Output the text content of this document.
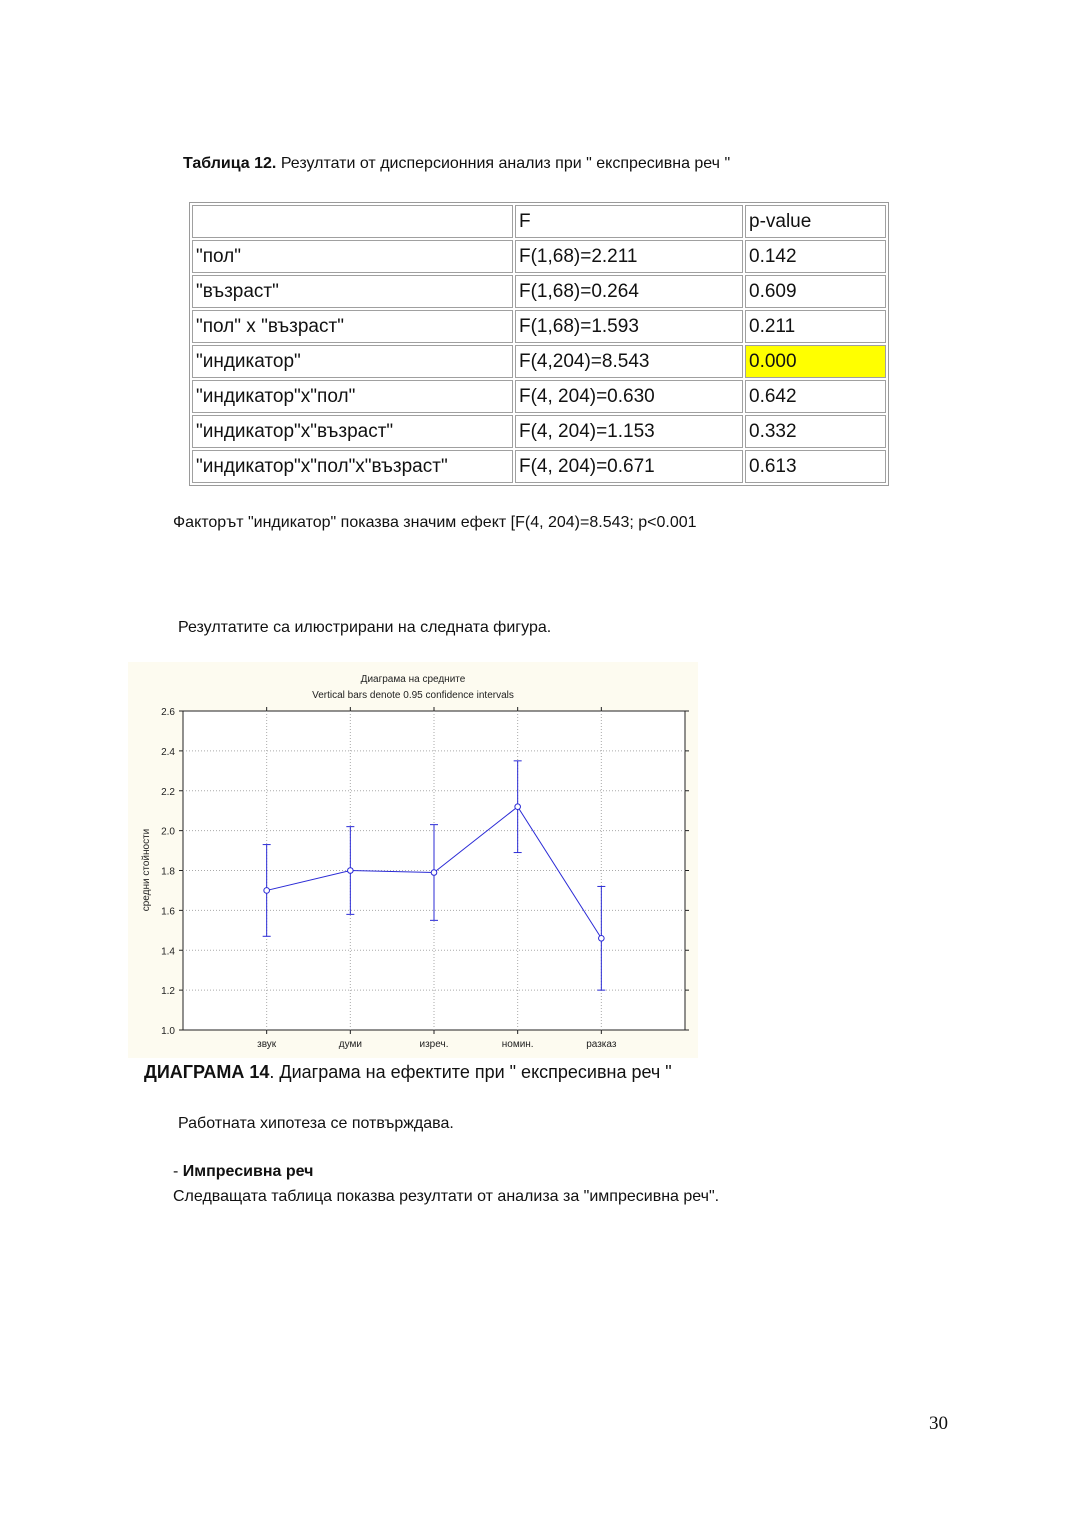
Таблица 12. Резултати от дисперсионния анализ при " експресивна реч "
	F	p-value
"пол"	F(1,68)=2.211	0.142
"възраст"	F(1,68)=0.264	0.609
"пол" х "възраст"	F(1,68)=1.593	0.211
"индикатор"	F(4,204)=8.543	0.000
"индикатор"x"пол"	F(4, 204)=0.630	0.642
"индикатор"x"възраст"	F(4, 204)=1.153	0.332
"индикатор"x"пол"x"възраст"	F(4, 204)=0.671	0.613
Факторът "индикатор" показва значим ефект [F(4, 204)=8.543; p<0.001
Резултатите са илюстрирани на следната фигура.
Диаграма на средните
Vertical bars denote 0.95 confidence intervals
средни стойности
1.0
1.2
1.4
1.6
1.8
2.0
2.2
2.4
2.6
звук	думи	изреч.	номин.	разказ
ДИАГРАМА 14. Диаграма на ефектите при " експресивна реч "
Работната хипотеза се потвърждава.
- Импресивна реч
Следващата таблица показва резултати от анализа за "импресивна реч".
30
